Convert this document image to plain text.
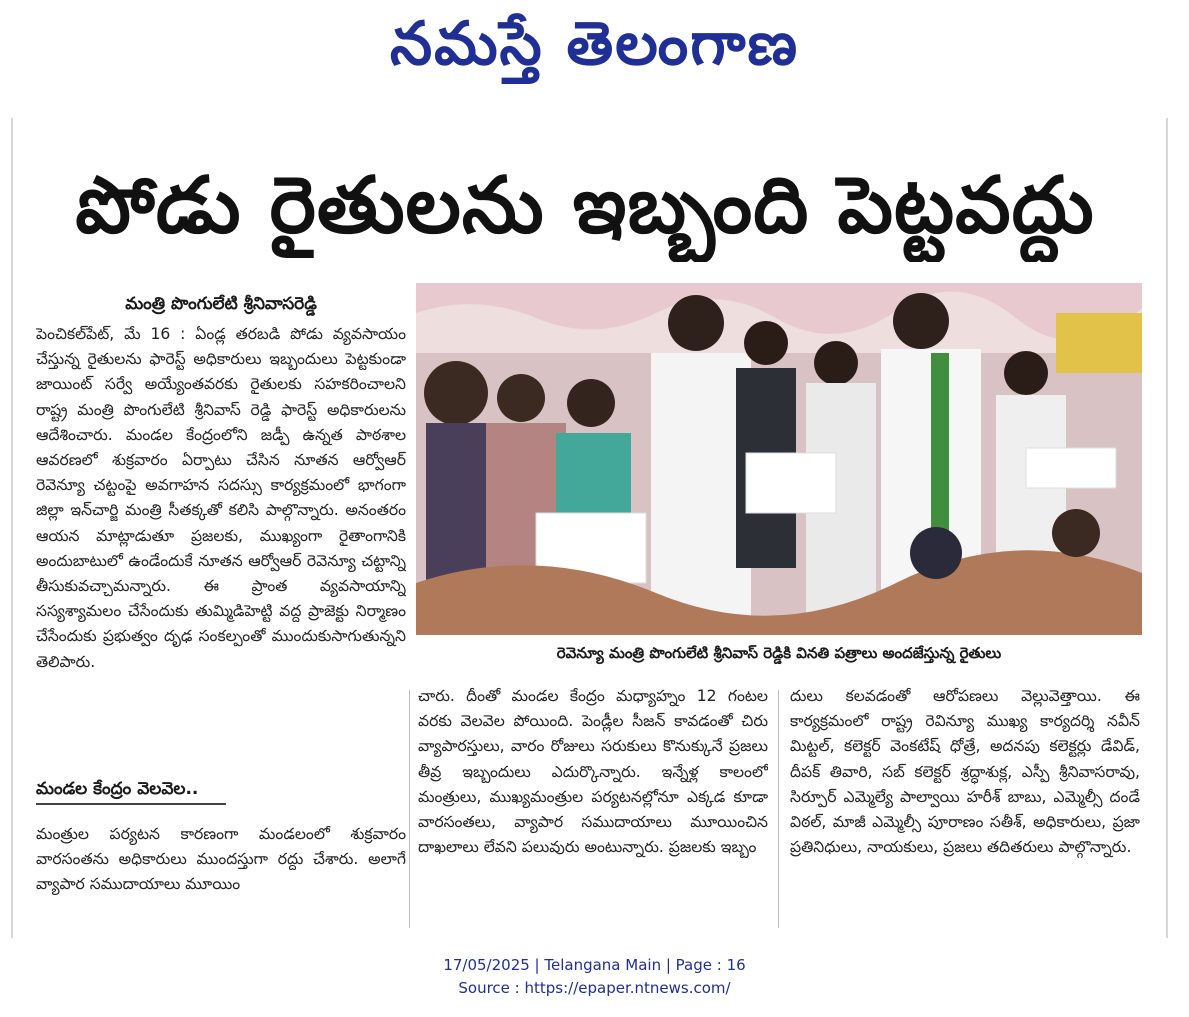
నమస్తే తెలంగాణ
పోడు రైతులను ఇబ్బంది పెట్టవద్దు
మంత్రి పొంగులేటి శ్రీనివాసరెడ్డి
పెంచికల్‌పేట్‌, మే 16 : ఏండ్ల తరబడి పోడు వ్యవసాయం చేస్తున్న రైతులను ఫారెస్ట్‌ అధికారులు ఇబ్బందులు పెట్టకుండా జాయింట్‌ సర్వే అయ్యేంతవరకు రైతులకు సహకరించాలని రాష్ట్ర మంత్రి పొంగులేటి శ్రీనివాస్‌ రెడ్డి ఫారెస్ట్‌ అధికారులను ఆదేశించారు. మండల కేంద్రంలోని జడ్పీ ఉన్నత పాఠశాల ఆవరణలో శుక్రవారం ఏర్పాటు చేసిన నూతన ఆర్వోఆర్‌ రెవెన్యూ చట్టంపై అవగాహన సదస్సు కార్యక్రమంలో భాగంగా జిల్లా ఇన్‌చార్జి మంత్రి సీతక్కతో కలిసి పాల్గొన్నారు. అనంతరం ఆయన మాట్లాడుతూ ప్రజలకు, ముఖ్యంగా రైతాంగానికి అందుబాటులో ఉండేందుకే నూతన ఆర్వోఆర్‌ రెవెన్యూ చట్టాన్ని తీసుకువచ్చామన్నారు. ఈ ప్రాంత వ్యవసాయాన్ని సస్యశ్యామలం చేసేందుకు తుమ్మిడిహెట్టి వద్ద ప్రాజెక్టు నిర్మాణం చేసేందుకు ప్రభుత్వం దృఢ సంకల్పంతో ముందుకుసాగుతున్నని తెలిపారు.
మండల కేంద్రం వెలవెల..
మంత్రుల పర్యటన కారణంగా మండలంలో శుక్రవారం వారసంతను అధికారులు ముందస్తుగా రద్దు చేశారు. అలాగే వ్యాపార సముదాయాలు మూయిం
రెవెన్యూ మంత్రి పొంగులేటి శ్రీనివాస్‌ రెడ్డికి వినతి పత్రాలు అందజేస్తున్న రైతులు
చారు. దీంతో మండల కేంద్రం మధ్యాహ్నం 12 గంటల వరకు వెలవెల పోయింది. పెండ్లీల సీజన్‌ కావడంతో చిరు వ్యాపారస్తులు, వారం రోజులు సరుకులు కొనుక్కునే ప్రజలు తీవ్ర ఇబ్బందులు ఎదుర్కొన్నారు. ఇన్నేళ్ల కాలంలో మంత్రులు, ముఖ్యమంత్రుల పర్యటనల్లోనూ ఎక్కడ కూడా వారసంతలు, వ్యాపార సముదాయాలు మూయించిన దాఖలాలు లేవని పలువురు అంటున్నారు. ప్రజలకు ఇబ్బం
దులు కలవడంతో ఆరోపణలు వెల్లువెత్తాయి. ఈ కార్యక్రమంలో రాష్ట్ర రెవిన్యూ ముఖ్య కార్యదర్శి నవీన్‌ మిట్టల్‌, కలెక్టర్‌ వెంకటేష్‌ ధోత్రే, అదనపు కలెక్టర్లు డేవిడ్‌, దీపక్‌ తివారి, సబ్‌ కలెక్టర్‌ శ్రద్ధాశుక్ల, ఎస్పీ శ్రీనివాసరావు, సిర్పూర్‌ ఎమ్మెల్యే పాల్వాయి హరీశ్‌ బాబు, ఎమ్మెల్సీ దండే విఠల్‌, మాజీ ఎమ్మెల్సీ పూరాణం సతీశ్‌, అధికారులు, ప్రజా ప్రతినిధులు, నాయకులు, ప్రజలు తదితరులు పాల్గొన్నారు.
17/05/2025 | Telangana Main | Page : 16
Source : https://epaper.ntnews.com/
